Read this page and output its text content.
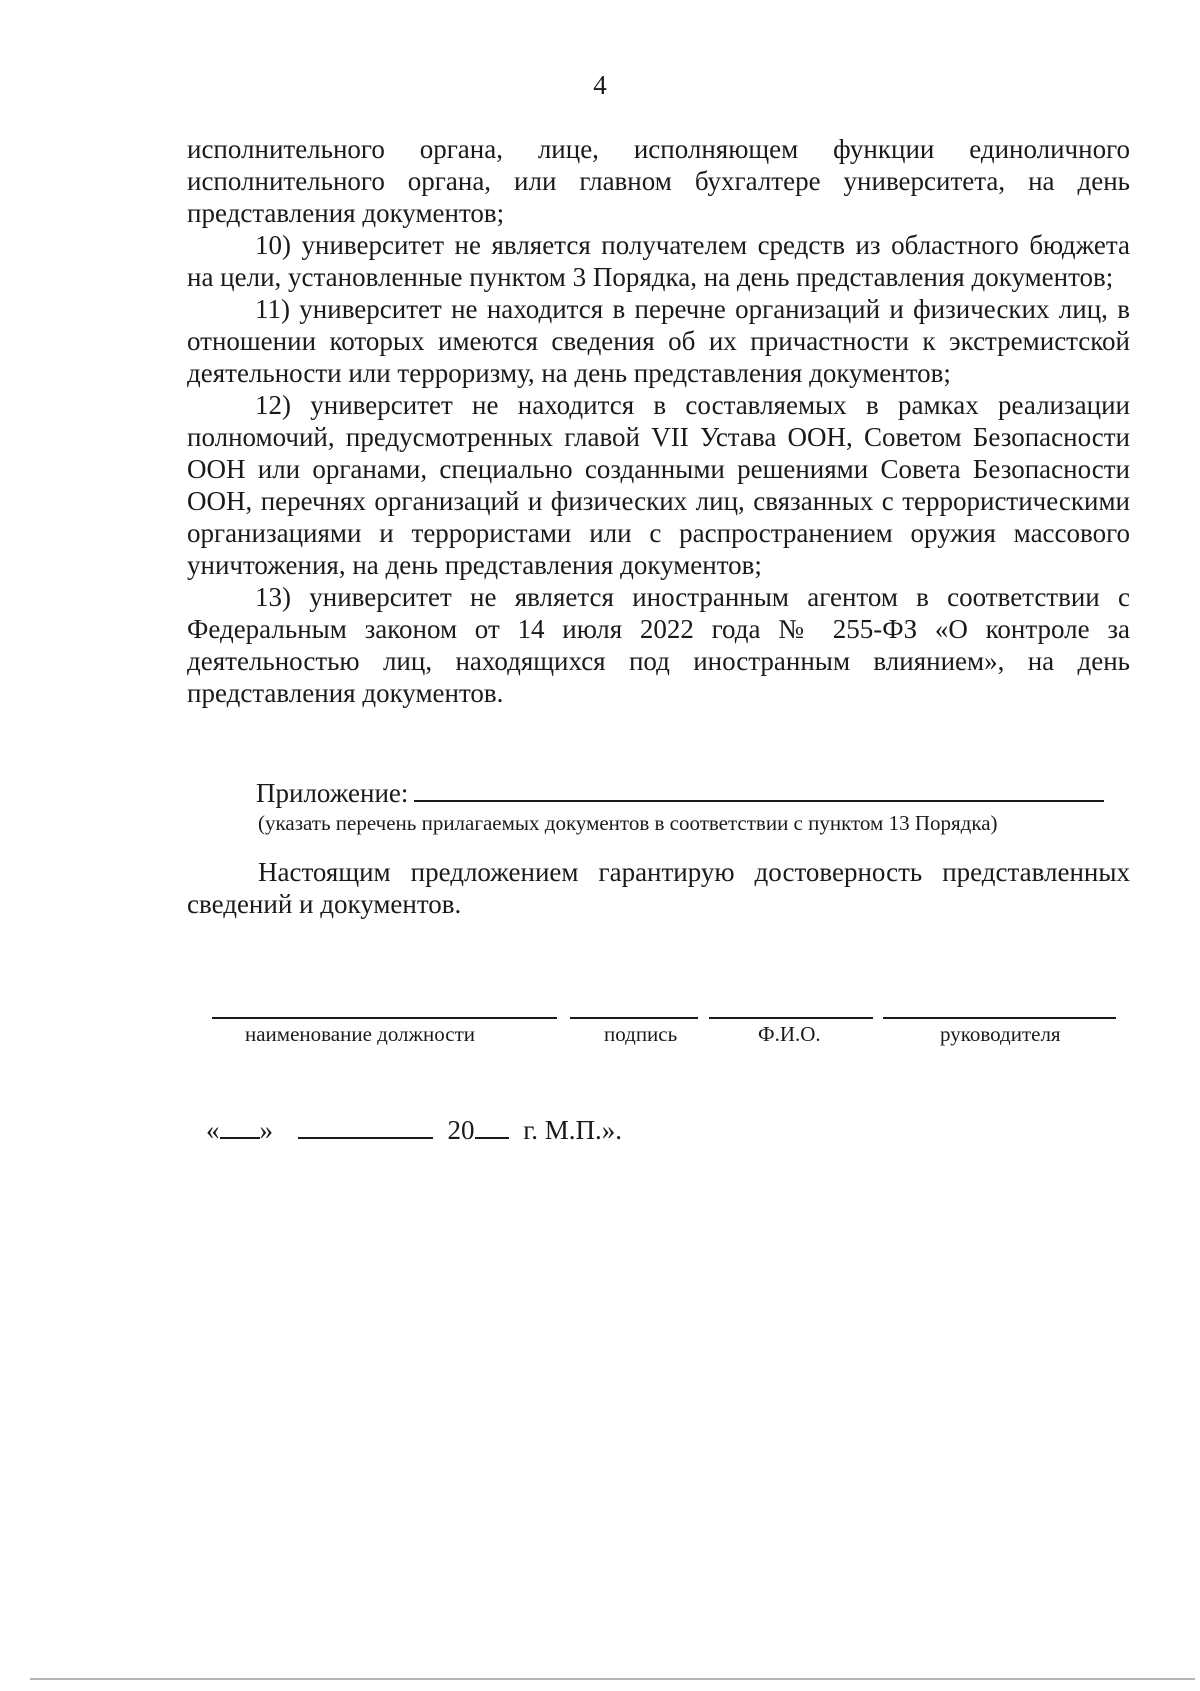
4

исполнительного органа, лице, исполняющем функции единоличного исполнительного органа, или главном бухгалтере университета, на день представления документов;

10) университет не является получателем средств из областного бюджета на цели, установленные пунктом 3 Порядка, на день представления документов;

11) университет не находится в перечне организаций и физических лиц, в отношении которых имеются сведения об их причастности к экстремистской деятельности или терроризму, на день представления документов;

12) университет не находится в составляемых в рамках реализации полномочий, предусмотренных главой VII Устава ООН, Советом Безопасности ООН или органами, специально созданными решениями Совета Безопасности ООН, перечнях организаций и физических лиц, связанных с террористическими организациями и террористами или с распространением оружия массового уничтожения, на день представления документов;

13) университет не является иностранным агентом в соответствии с Федеральным законом от 14 июля 2022 года № 255-ФЗ «О контроле за деятельностью лиц, находящихся под иностранным влиянием», на день представления документов.

Приложение:
(указать перечень прилагаемых документов в соответствии с пунктом 13 Порядка)
Настоящим предложением гарантирую достоверность представленных сведений и документов.
наименование должности	подпись	Ф.И.О.	руководителя
« »	20 г. М.П.».
